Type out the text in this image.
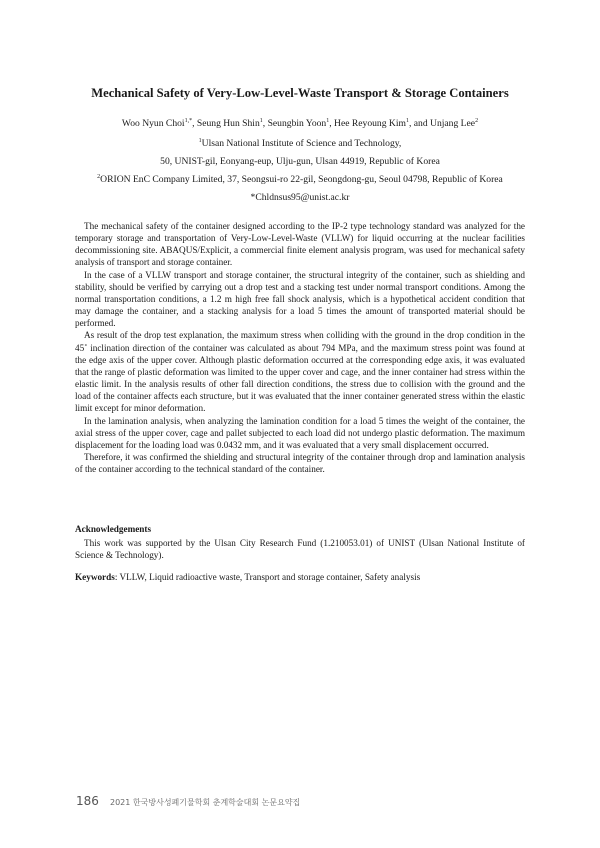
Mechanical Safety of Very-Low-Level-Waste Transport & Storage Containers
Woo Nyun Choi$^{1,*}$, Seung Hun Shin$^1$, Seungbin Yoon$^1$, Hee Reyoung Kim$^1$, and Unjang Lee$^2$
$^1$Ulsan National Institute of Science and Technology,
50, UNIST-gil, Eonyang-eup, Ulju-gun, Ulsan 44919, Republic of Korea
$^2$ORION EnC Company Limited, 37, Seongsui-ro 22-gil, Seongdong-gu, Seoul 04798, Republic of Korea
*Chldnsus95@unist.ac.kr

The mechanical safety of the container designed according to the IP-2 type technology standard was analyzed for the temporary storage and transportation of Very-Low-Level-Waste (VLLW) for liquid occurring at the nuclear facilities decommissioning site. ABAQUS/Explicit, a commercial finite element analysis program, was used for mechanical safety analysis of transport and storage container.

In the case of a VLLW transport and storage container, the structural integrity of the container, such as shielding and stability, should be verified by carrying out a drop test and a stacking test under normal transport conditions. Among the normal transportation conditions, a 1.2 m high free fall shock analysis, which is a hypothetical accident condition that may damage the container, and a stacking analysis for a load 5 times the amount of transported material should be performed.

As result of the drop test explanation, the maximum stress when colliding with the ground in the drop condition in the 45˚ inclination direction of the container was calculated as about 794 MPa, and the maximum stress point was found at the edge axis of the upper cover. Although plastic deformation occurred at the corresponding edge axis, it was evaluated that the range of plastic deformation was limited to the upper cover and cage, and the inner container had stress within the elastic limit. In the analysis results of other fall direction conditions, the stress due to collision with the ground and the load of the container affects each structure, but it was evaluated that the inner container generated stress within the elastic limit except for minor deformation.

In the lamination analysis, when analyzing the lamination condition for a load 5 times the weight of the container, the axial stress of the upper cover, cage and pallet subjected to each load did not undergo plastic deformation. The maximum displacement for the loading load was 0.0432 mm, and it was evaluated that a very small displacement occurred.

Therefore, it was confirmed the shielding and structural integrity of the container through drop and lamination analysis of the container according to the technical standard of the container.

Acknowledgements
This work was supported by the Ulsan City Research Fund (1.210053.01) of UNIST (Ulsan National Institute of Science & Technology).
Keywords: VLLW, Liquid radioactive waste, Transport and storage container, Safety analysis
186 2021 한국방사성폐기물학회 춘계학술대회 논문요약집
